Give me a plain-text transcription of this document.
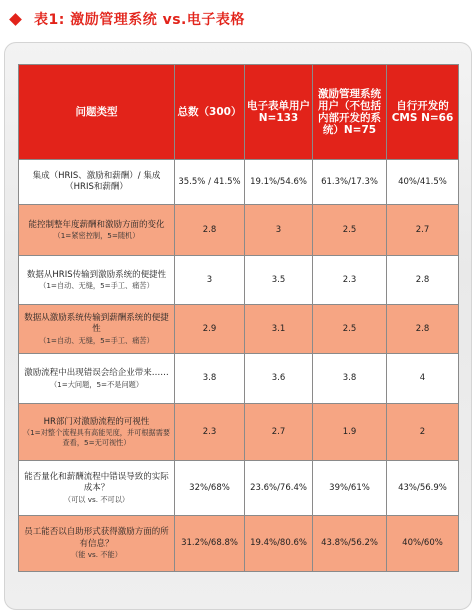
表1: 激励管理系统 vs.电子表格
问题类型	总数（300）	电子表单用户 N=133	激励管理系统用户（不包括内部开发的系统）N=75	自行开发的CMS N=66

集成（HRIS、激励和薪酬）/ 集成（HRIS和薪酬）	35.5% / 41.5%	19.1%/54.6%	61.3%/17.3%	40%/41.5%

能控制整年度薪酬和激励方面的变化
（1=紧密控制，5=随机）	2.8	3	2.5	2.7

数据从HRIS传输到激励系统的便捷性
（1=自动、无缝，5=手工、痛苦）	3	3.5	2.3	2.8

数据从激励系统传输到薪酬系统的便捷性
（1=自动、无缝，5=手工、痛苦）	2.9	3.1	2.5	2.8

激励流程中出现错误会给企业带来……
（1=大问题，5=不是问题）	3.8	3.6	3.8	4

HR部门对激励流程的可视性
（1=对整个流程具有高能见度，并可根据需要查看，5=无可视性）	2.3	2.7	1.9	2

能否量化和薪酬流程中错误导致的实际成本？
（可以 vs. 不可以）	32%/68%	23.6%/76.4%	39%/61%	43%/56.9%

员工能否以自助形式获得激励方面的所有信息？
（能 vs. 不能）	31.2%/68.8%	19.4%/80.6%	43.8%/56.2%	40%/60%
